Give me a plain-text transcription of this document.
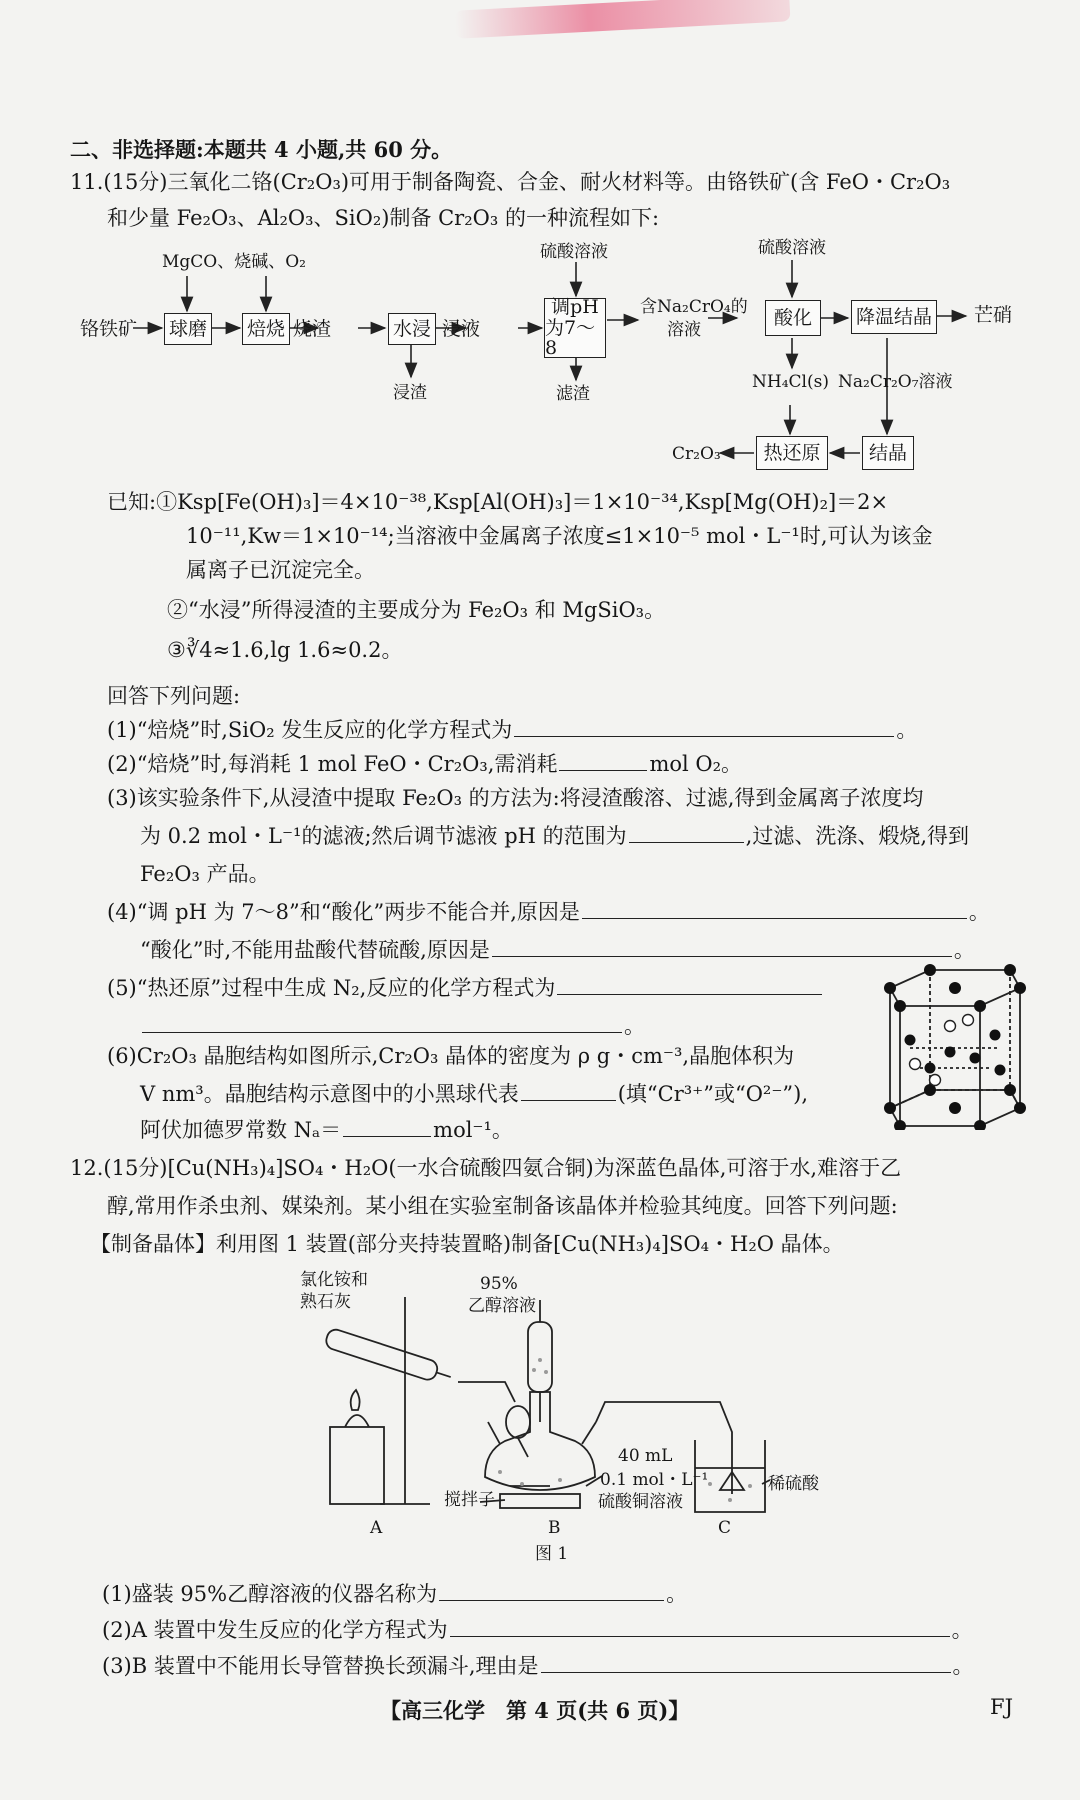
二、非选择题:本题共 4 小题,共 60 分。
11.(15分)三氧化二铬(Cr₂O₃)可用于制备陶瓷、合金、耐火材料等。由铬铁矿(含 FeO・Cr₂O₃
和少量 Fe₂O₃、Al₂O₃、SiO₂)制备 Cr₂O₃ 的一种流程如下:
MgCO、烧碱、O₂	硫酸溶液	硫酸溶液
铬铁矿 球磨 焙烧 烧渣	水浸 浸液
调pH
为7～8
含Na₂CrO₄的
溶液
酸化	降温结晶 芒硝
浸渣	滤渣
NH₄Cl(s) Na₂Cr₂O₇溶液
Cr₂O₃	热还原	结晶
已知:①Ksp[Fe(OH)₃]＝4×10⁻³⁸,Ksp[Al(OH)₃]＝1×10⁻³⁴,Ksp[Mg(OH)₂]＝2×
10⁻¹¹,Kw＝1×10⁻¹⁴;当溶液中金属离子浓度≤1×10⁻⁵ mol・L⁻¹时,可认为该金
属离子已沉淀完全。
②“水浸”所得浸渣的主要成分为 Fe₂O₃ 和 MgSiO₃。
③∛4≈1.6,lg 1.6≈0.2。
回答下列问题:
(1)“焙烧”时,SiO₂ 发生反应的化学方程式为	。
(2)“焙烧”时,每消耗 1 mol FeO・Cr₂O₃,需消耗	mol O₂。
(3)该实验条件下,从浸渣中提取 Fe₂O₃ 的方法为:将浸渣酸溶、过滤,得到金属离子浓度均
为 0.2 mol・L⁻¹的滤液;然后调节滤液 pH 的范围为	,过滤、洗涤、煅烧,得到
Fe₂O₃ 产品。
(4)“调 pH 为 7～8”和“酸化”两步不能合并,原因是	。
“酸化”时,不能用盐酸代替硫酸,原因是	。
(5)“热还原”过程中生成 N₂,反应的化学方程式为
。
(6)Cr₂O₃ 晶胞结构如图所示,Cr₂O₃ 晶体的密度为 ρ g・cm⁻³,晶胞体积为
V nm³。晶胞结构示意图中的小黑球代表	(填“Cr³⁺”或“O²⁻”),
阿伏加德罗常数 Nₐ＝	mol⁻¹。
12.(15分)[Cu(NH₃)₄]SO₄・H₂O(一水合硫酸四氨合铜)为深蓝色晶体,可溶于水,难溶于乙
醇,常用作杀虫剂、媒染剂。某小组在实验室制备该晶体并检验其纯度。回答下列问题:
【制备晶体】利用图 1 装置(部分夹持装置略)制备[Cu(NH₃)₄]SO₄・H₂O 晶体。
氯化铵和
熟石灰
95%
乙醇溶液
40 mL
0.1 mol・L⁻¹
硫酸铜溶液
搅拌子
稀硫酸
A	B	C
图 1
(1)盛装 95%乙醇溶液的仪器名称为	。
(2)A 装置中发生反应的化学方程式为	。
(3)B 装置中不能用长导管替换长颈漏斗,理由是	。
【高三化学　第 4 页(共 6 页)】	FJ
